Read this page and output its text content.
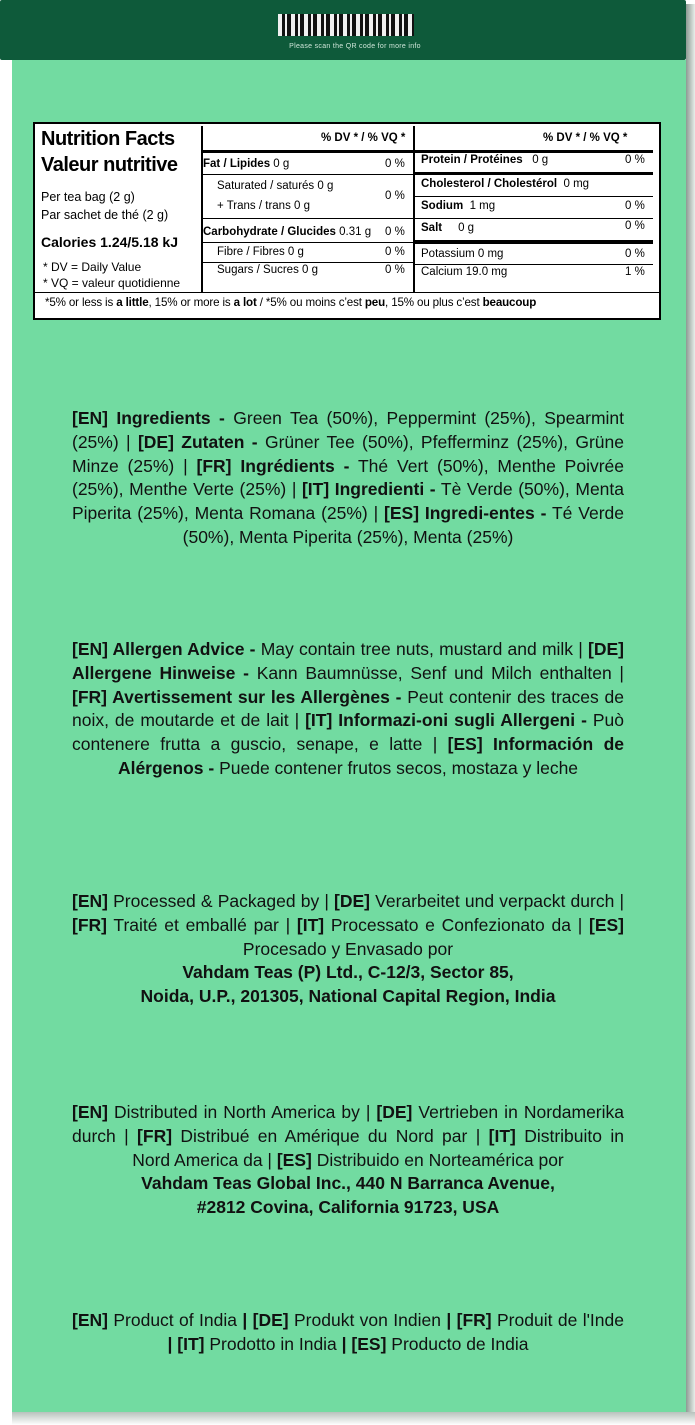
Please scan the QR code for more info
Nutrition Facts
Valeur nutritive
Per tea bag (2 g)
Par sachet de thé (2 g)
Calories 1.24/5.18 kJ
* DV = Daily Value
* VQ = valeur quotidienne
% DV * / % VQ *
Fat / Lipides 0 g	0 %
Saturated / saturés 0 g
+ Trans / trans 0 g
0 %
Carbohydrate / Glucides 0.31 g 0 %
Fibre / Fibres 0 g	0 %
Sugars / Sucres 0 g	0 %
% DV * / % VQ *
Protein / Protéines 0 g	0 %
Cholesterol / Cholestérol 0 mg
Sodium 1 mg	0 %
Salt 0 g	0 %
Potassium 0 mg	0 %
Calcium 19.0 mg	1 %
*5% or less is a little, 15% or more is a lot / *5% ou moins c’est peu, 15% ou plus c’est beaucoup
[EN] Ingredients - Green Tea (50%), Peppermint (25%), Spearmint (25%) | [DE] Zutaten - Grüner Tee (50%), Pfefferminz (25%), Grüne Minze (25%) | [FR] Ingrédients - Thé Vert (50%), Menthe Poivrée (25%), Menthe Verte (25%) | [IT] Ingredienti - Tè Verde (50%), Menta Piperita (25%), Menta Romana (25%) | [ES] Ingredi-entes - Té Verde (50%), Menta Piperita (25%), Menta (25%)
[EN] Allergen Advice - May contain tree nuts, mustard and milk | [DE] Allergene Hinweise - Kann Baumnüsse, Senf und Milch enthalten | [FR] Avertissement sur les Allergènes - Peut contenir des traces de noix, de moutarde et de lait | [IT] Informazi-oni sugli Allergeni - Può contenere frutta a guscio, senape, e latte | [ES] Información de Alérgenos - Puede contener frutos secos, mostaza y leche
[EN] Processed & Packaged by | [DE] Verarbeitet und verpackt durch | [FR] Traité et emballé par | [IT] Processato e Confezionato da | [ES] Procesado y Envasado por
Vahdam Teas (P) Ltd., C-12/3, Sector 85,
Noida, U.P., 201305, National Capital Region, India
[EN] Distributed in North America by | [DE] Vertrieben in Nordamerika durch | [FR] Distribué en Amérique du Nord par | [IT] Distribuito in Nord America da | [ES] Distribuido en Norteamérica por
Vahdam Teas Global Inc., 440 N Barranca Avenue,
#2812 Covina, California 91723, USA
[EN] Product of India | [DE] Produkt von Indien | [FR] Produit de l'Inde | [IT] Prodotto in India | [ES] Producto de India
